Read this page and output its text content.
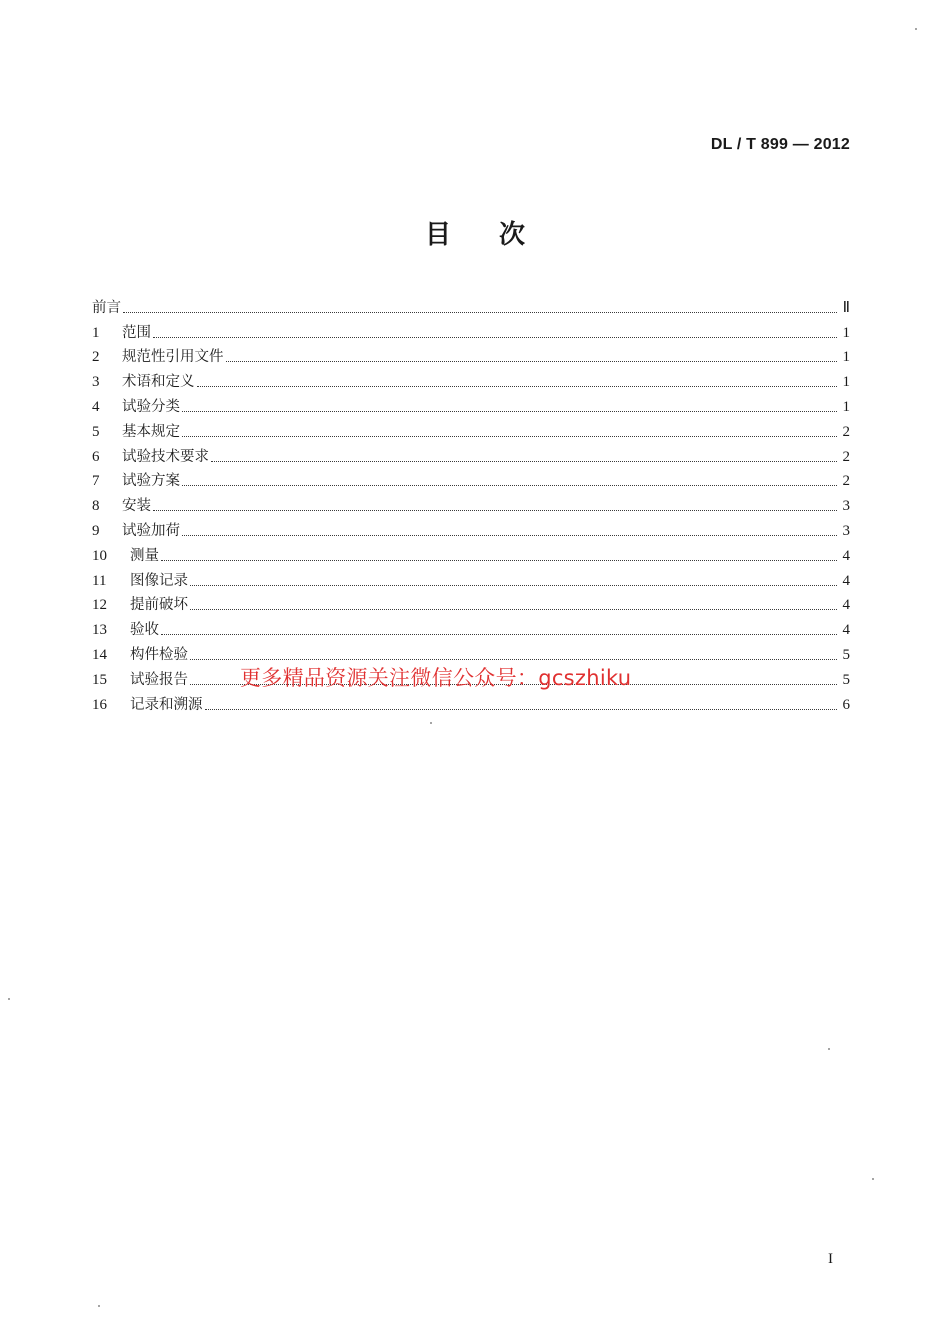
DL / T 899 — 2012
目 次
前言	Ⅱ
1	范围	1
2	规范性引用文件	1
3	术语和定义	1
4	试验分类	1
5	基本规定	2
6	试验技术要求	2
7	试验方案	2
8	安装	3
9	试验加荷	3
10	测量	4
11	图像记录	4
12	提前破坏	4
13	验收	4
14	构件检验	5
15	试验报告	5
16	记录和溯源	6
更多精品资源关注微信公众号：gcszhiku
I
